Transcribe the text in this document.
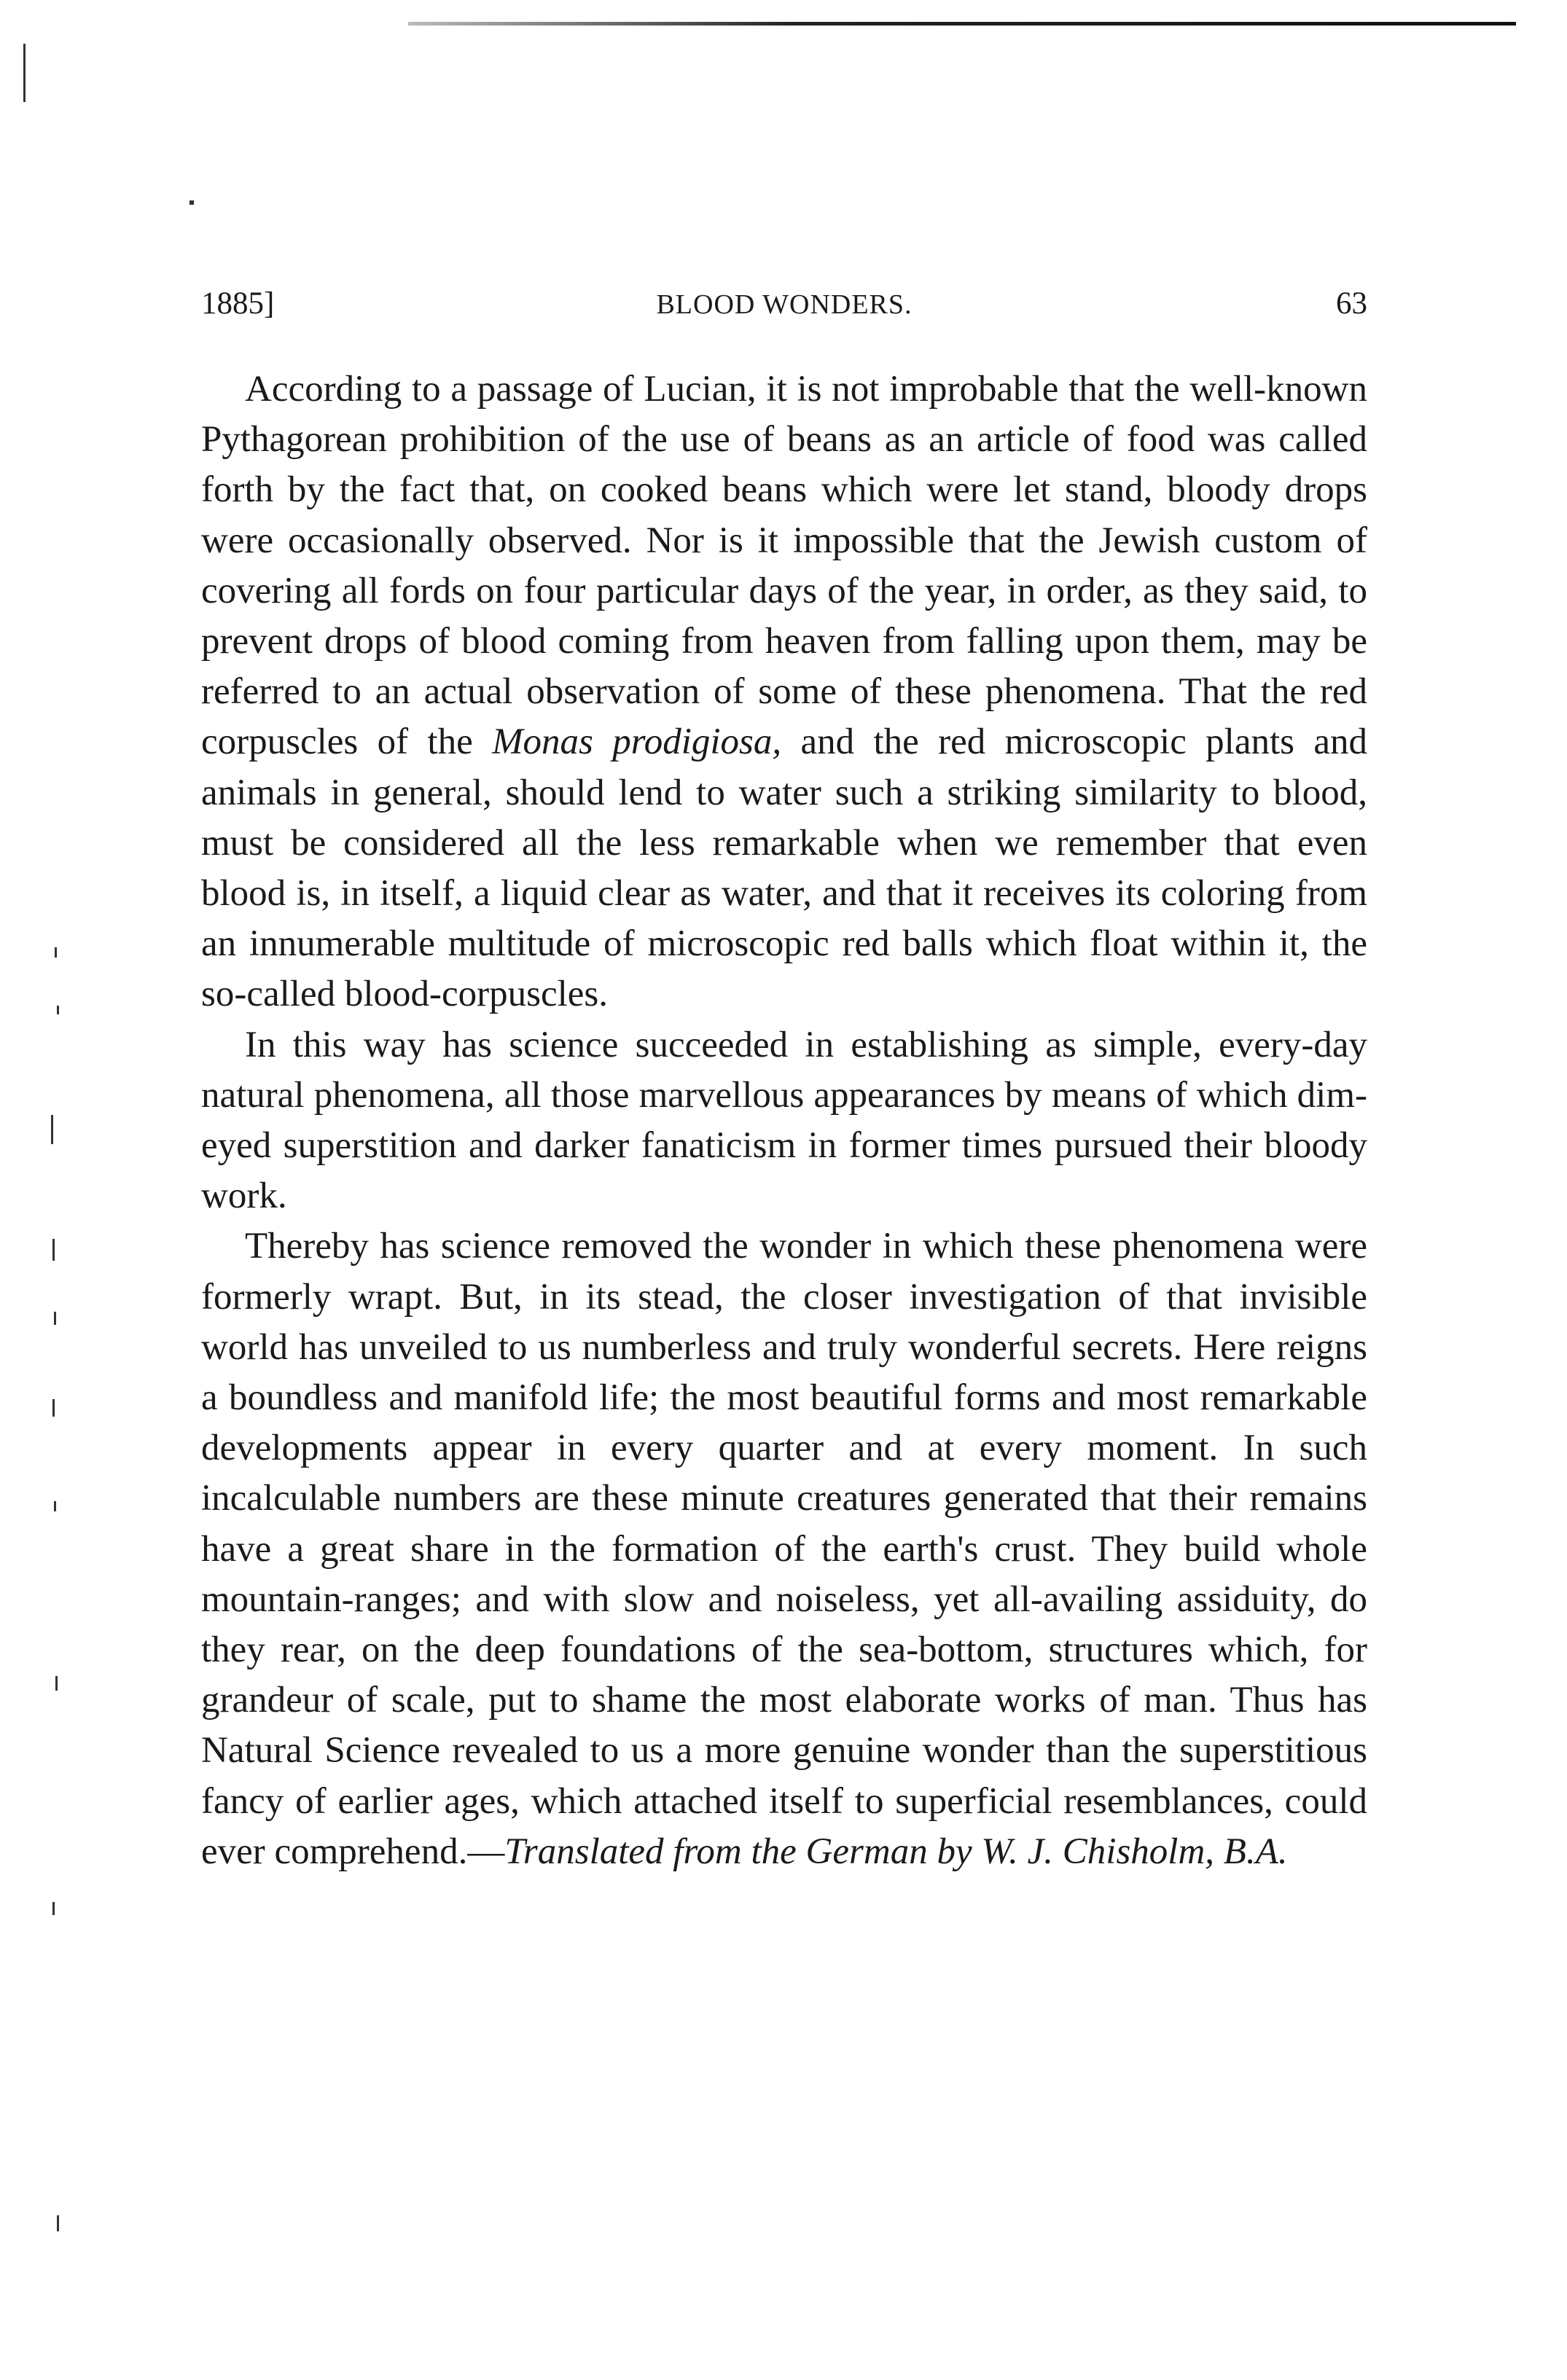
1885]	BLOOD WONDERS.	63

According to a passage of Lucian, it is not improbable that the well-known Pythagorean prohibition of the use of beans as an article of food was called forth by the fact that, on cooked beans which were let stand, bloody drops were occasionally observed. Nor is it impossible that the Jewish custom of covering all fords on four particular days of the year, in order, as they said, to prevent drops of blood coming from heaven from falling upon them, may be referred to an actual observation of some of these phenomena. That the red corpuscles of the Monas prodigiosa, and the red microscopic plants and animals in general, should lend to water such a striking similarity to blood, must be considered all the less remarkable when we remember that even blood is, in itself, a liquid clear as water, and that it receives its coloring from an innumerable multitude of microscopic red balls which float within it, the so-called blood-corpuscles.

In this way has science succeeded in establishing as simple, every-day natural phenomena, all those marvellous appearances by means of which dim-eyed superstition and darker fanaticism in former times pursued their bloody work.

Thereby has science removed the wonder in which these phenomena were formerly wrapt. But, in its stead, the closer investigation of that invisible world has unveiled to us numberless and truly wonderful secrets. Here reigns a boundless and manifold life; the most beautiful forms and most remarkable developments appear in every quarter and at every moment. In such incalculable numbers are these minute creatures generated that their remains have a great share in the formation of the earth's crust. They build whole mountain-ranges; and with slow and noiseless, yet all-availing assiduity, do they rear, on the deep foundations of the sea-bottom, structures which, for grandeur of scale, put to shame the most elaborate works of man. Thus has Natural Science revealed to us a more genuine wonder than the superstitious fancy of earlier ages, which attached itself to superficial resemblances, could ever comprehend.—Translated from the German by W. J. Chisholm, B.A.
